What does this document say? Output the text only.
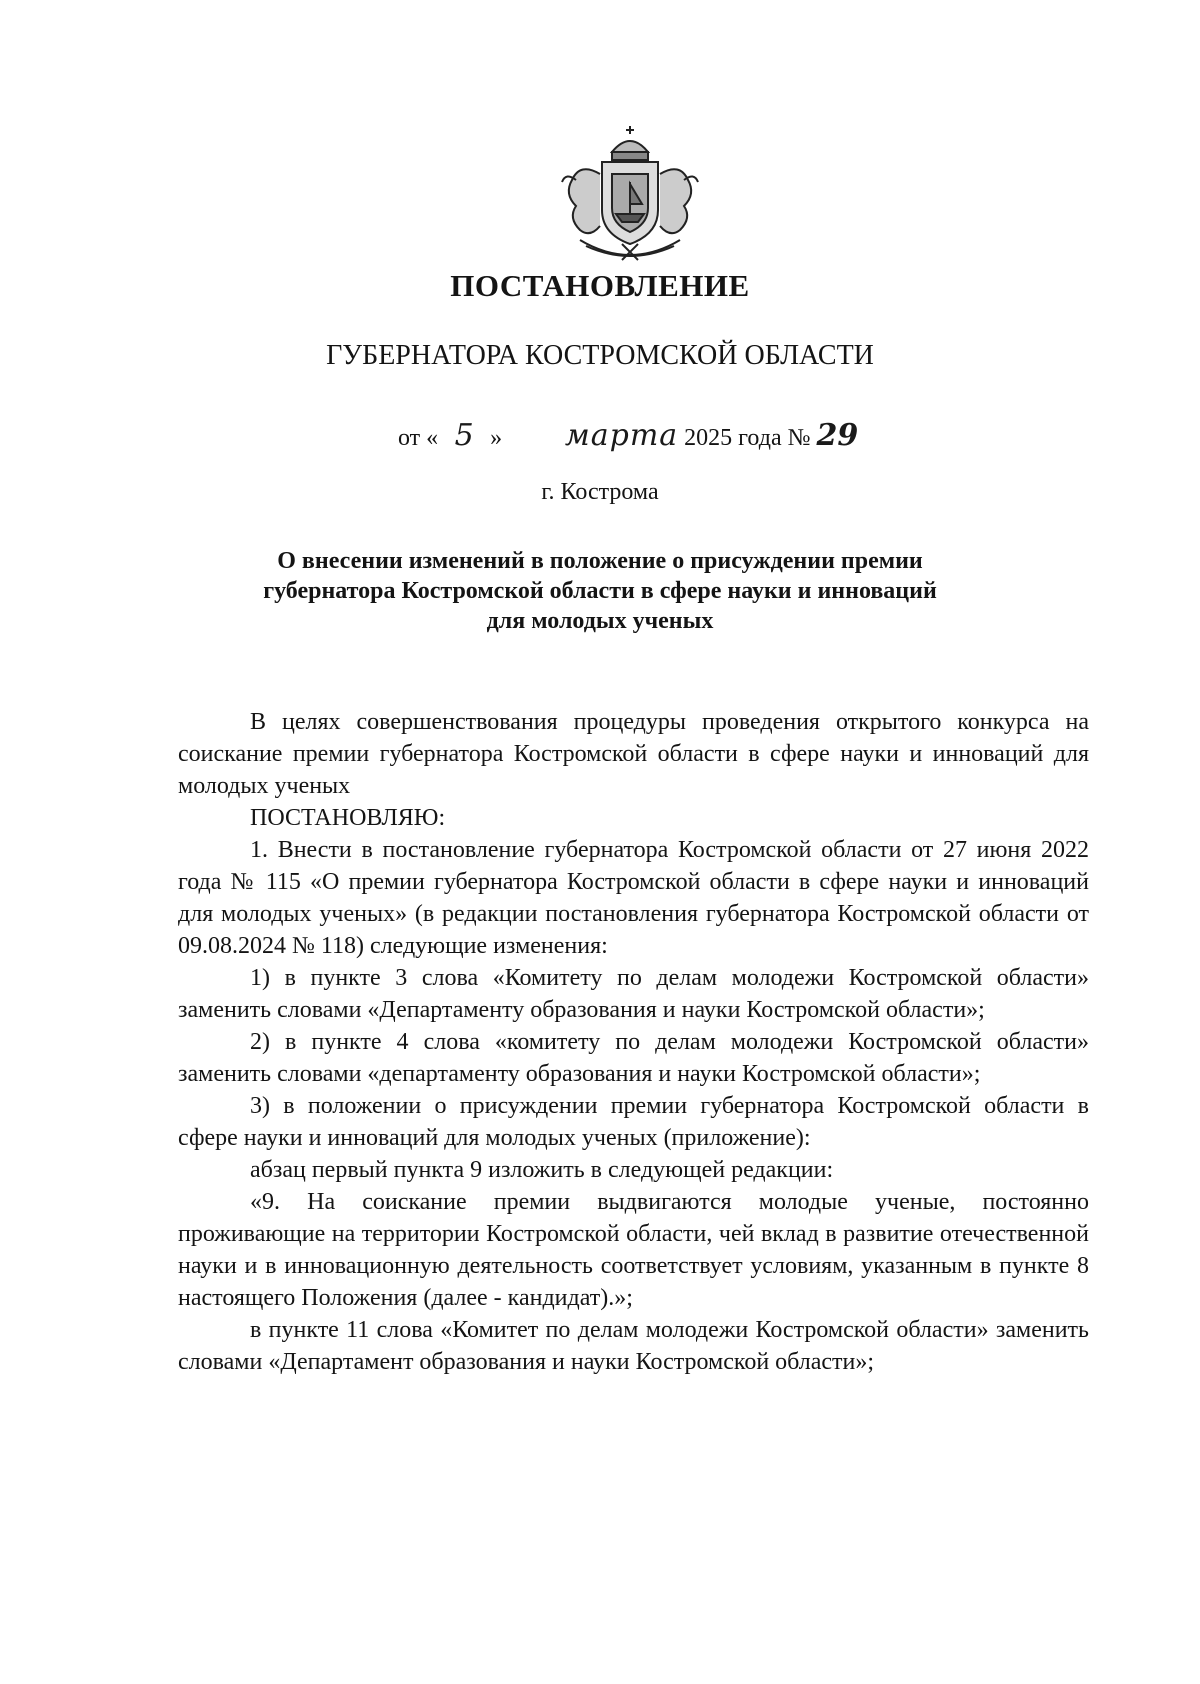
ПОСТАНОВЛЕНИЕ
ГУБЕРНАТОРА КОСТРОМСКОЙ ОБЛАСТИ
от « 5 » марта 2025 года № 29
г. Кострома
О внесении изменений в положение о присуждении премии
губернатора Костромской области в сфере науки и инноваций
для молодых ученых

В целях совершенствования процедуры проведения открытого конкурса на соискание премии губернатора Костромской области в сфере науки и инноваций для молодых ученых

ПОСТАНОВЛЯЮ:

1. Внести в постановление губернатора Костромской области от 27 июня 2022 года № 115 «О премии губернатора Костромской области в сфере науки и инноваций для молодых ученых» (в редакции постановления губернатора Костромской области от 09.08.2024 № 118) следующие изменения:

1) в пункте 3 слова «Комитету по делам молодежи Костромской области» заменить словами «Департаменту образования и науки Костромской области»;

2) в пункте 4 слова «комитету по делам молодежи Костромской области» заменить словами «департаменту образования и науки Костромской области»;

3) в положении о присуждении премии губернатора Костромской области в сфере науки и инноваций для молодых ученых (приложение):

абзац первый пункта 9 изложить в следующей редакции:

«9. На соискание премии выдвигаются молодые ученые, постоянно проживающие на территории Костромской области, чей вклад в развитие отечественной науки и в инновационную деятельность соответствует условиям, указанным в пункте 8 настоящего Положения (далее - кандидат).»;

в пункте 11 слова «Комитет по делам молодежи Костромской области» заменить словами «Департамент образования и науки Костромской области»;
